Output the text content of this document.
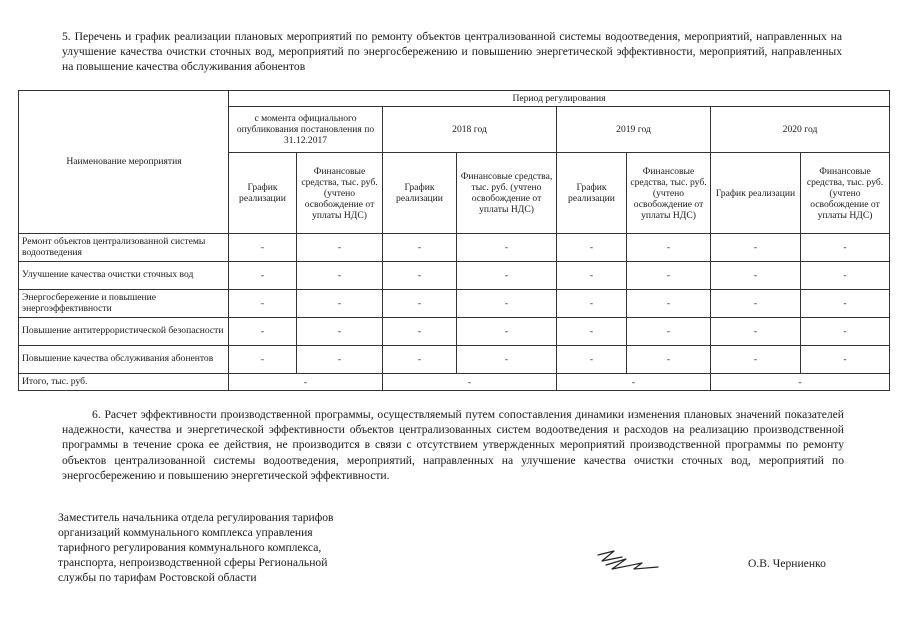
5. Перечень и график реализации плановых мероприятий по ремонту объектов централизованной системы водоотведения, мероприятий, направленных на улучшение качества очистки сточных вод, мероприятий по энергосбережению и повышению энергетической эффективности, мероприятий, направленных на повышение качества обслуживания абонентов
Наименование мероприятия	Период регулирования							
	с момента официального опубликования постановления по 31.12.2017		2018 год		2019 год		2020 год	
	График реализации	Финансовые средства, тыс. руб. (учтено освобождение от уплаты НДС)	График реализации	Финансовые средства, тыс. руб. (учтено освобождение от уплаты НДС)	График реализации	Финансовые средства, тыс. руб. (учтено освобождение от уплаты НДС)	График реализации	Финансовые средства, тыс. руб. (учтено освобождение от уплаты НДС)
Ремонт объектов централизованной системы водоотведения	-	-	-	-	-	-	-	-
Улучшение качества очистки сточных вод	-	-	-	-	-	-	-	-
Энергосбережение и повышение энергоэффективности	-	-	-	-	-	-	-	-
Повышение антитеррористической безопасности	-	-	-	-	-	-	-	-
Повышение качества обслуживания абонентов	-	-	-	-	-	-	-	-
Итого, тыс. руб.	-		-		-		-	
6. Расчет эффективности производственной программы, осуществляемый путем сопоставления динамики изменения плановых значений показателей надежности, качества и энергетической эффективности объектов централизованных систем водоотведения и расходов на реализацию производственной программы в течение срока ее действия, не производится в связи с отсутствием утвержденных мероприятий производственной программы по ремонту объектов централизованной системы водоотведения, мероприятий, направленных на улучшение качества очистки сточных вод, мероприятий по энергосбережению и повышению энергетической эффективности.
Заместитель начальника отдела регулирования тарифов
организаций коммунального комплекса управления
тарифного регулирования коммунального комплекса,
транспорта, непроизводственной сферы Региональной
службы по тарифам Ростовской области
О.В. Черниенко
